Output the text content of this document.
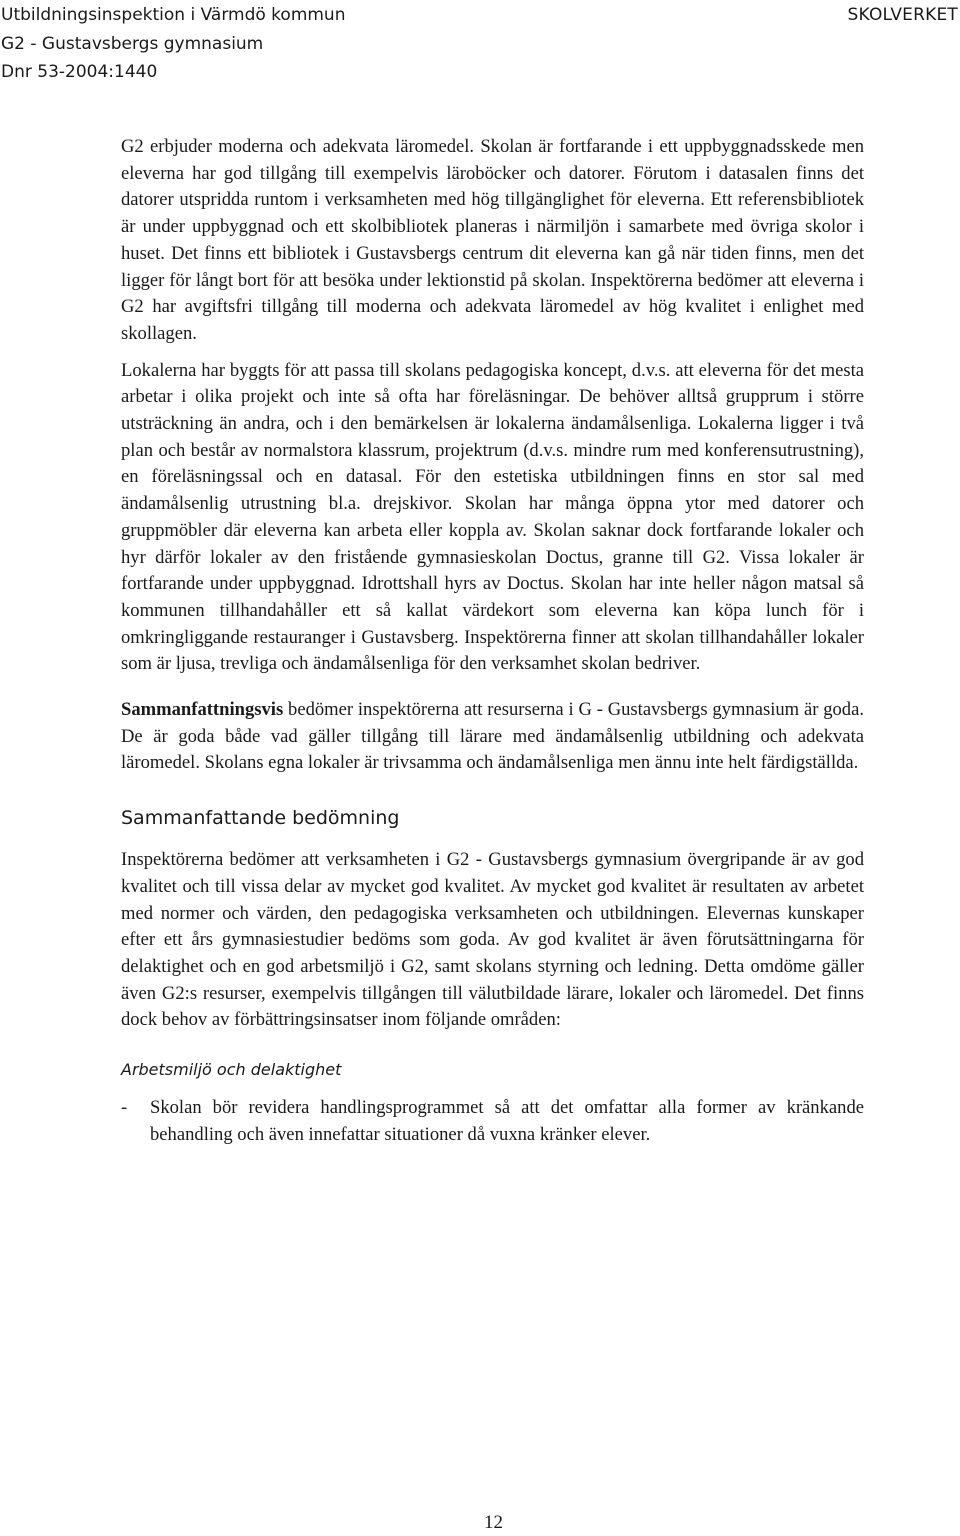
Utbildningsinspektion i Värmdö kommun
G2 - Gustavsbergs gymnasium
Dnr 53-2004:1440
SKOLVERKET

G2 erbjuder moderna och adekvata läromedel. Skolan är fortfarande i ett uppbyggnadsskede men eleverna har god tillgång till exempelvis läroböcker och datorer. Förutom i datasalen finns det datorer utspridda runtom i verksamheten med hög tillgänglighet för eleverna. Ett referensbibliotek är under uppbyggnad och ett skolbibliotek planeras i närmiljön i samarbete med övriga skolor i huset. Det finns ett bibliotek i Gustavsbergs centrum dit eleverna kan gå när tiden finns, men det ligger för långt bort för att besöka under lektionstid på skolan. Inspektörerna bedömer att eleverna i G2 har avgiftsfri tillgång till moderna och adekvata läromedel av hög kvalitet i enlighet med skollagen.

Lokalerna har byggts för att passa till skolans pedagogiska koncept, d.v.s. att eleverna för det mesta arbetar i olika projekt och inte så ofta har föreläsningar. De behöver alltså grupprum i större utsträckning än andra, och i den bemärkelsen är lokalerna ändamålsenliga. Lokalerna ligger i två plan och består av normalstora klassrum, projektrum (d.v.s. mindre rum med konferensutrustning), en föreläsningssal och en datasal. För den estetiska utbildningen finns en stor sal med ändamålsenlig utrustning bl.a. drejskivor. Skolan har många öppna ytor med datorer och gruppmöbler där eleverna kan arbeta eller koppla av. Skolan saknar dock fortfarande lokaler och hyr därför lokaler av den fristående gymnasieskolan Doctus, granne till G2. Vissa lokaler är fortfarande under uppbyggnad. Idrottshall hyrs av Doctus. Skolan har inte heller någon matsal så kommunen tillhandahåller ett så kallat värdekort som eleverna kan köpa lunch för i omkringliggande restauranger i Gustavsberg. Inspektörerna finner att skolan tillhandahåller lokaler som är ljusa, trevliga och ändamålsenliga för den verksamhet skolan bedriver.

Sammanfattningsvis bedömer inspektörerna att resurserna i G - Gustavsbergs gymnasium är goda. De är goda både vad gäller tillgång till lärare med ändamålsenlig utbildning och adekvata läromedel. Skolans egna lokaler är trivsamma och ändamålsenliga men ännu inte helt färdigställda.

Sammanfattande bedömning

Inspektörerna bedömer att verksamheten i G2 - Gustavsbergs gymnasium övergripande är av god kvalitet och till vissa delar av mycket god kvalitet. Av mycket god kvalitet är resultaten av arbetet med normer och värden, den pedagogiska verksamheten och utbildningen. Elevernas kunskaper efter ett års gymnasiestudier bedöms som goda. Av god kvalitet är även förutsättningarna för delaktighet och en god arbetsmiljö i G2, samt skolans styrning och ledning. Detta omdöme gäller även G2:s resurser, exempelvis tillgången till välutbildade lärare, lokaler och läromedel. Det finns dock behov av förbättringsinsatser inom följande områden:

Arbetsmiljö och delaktighet
- Skolan bör revidera handlingsprogrammet så att det omfattar alla former av kränkande behandling och även innefattar situationer då vuxna kränker elever.
12
